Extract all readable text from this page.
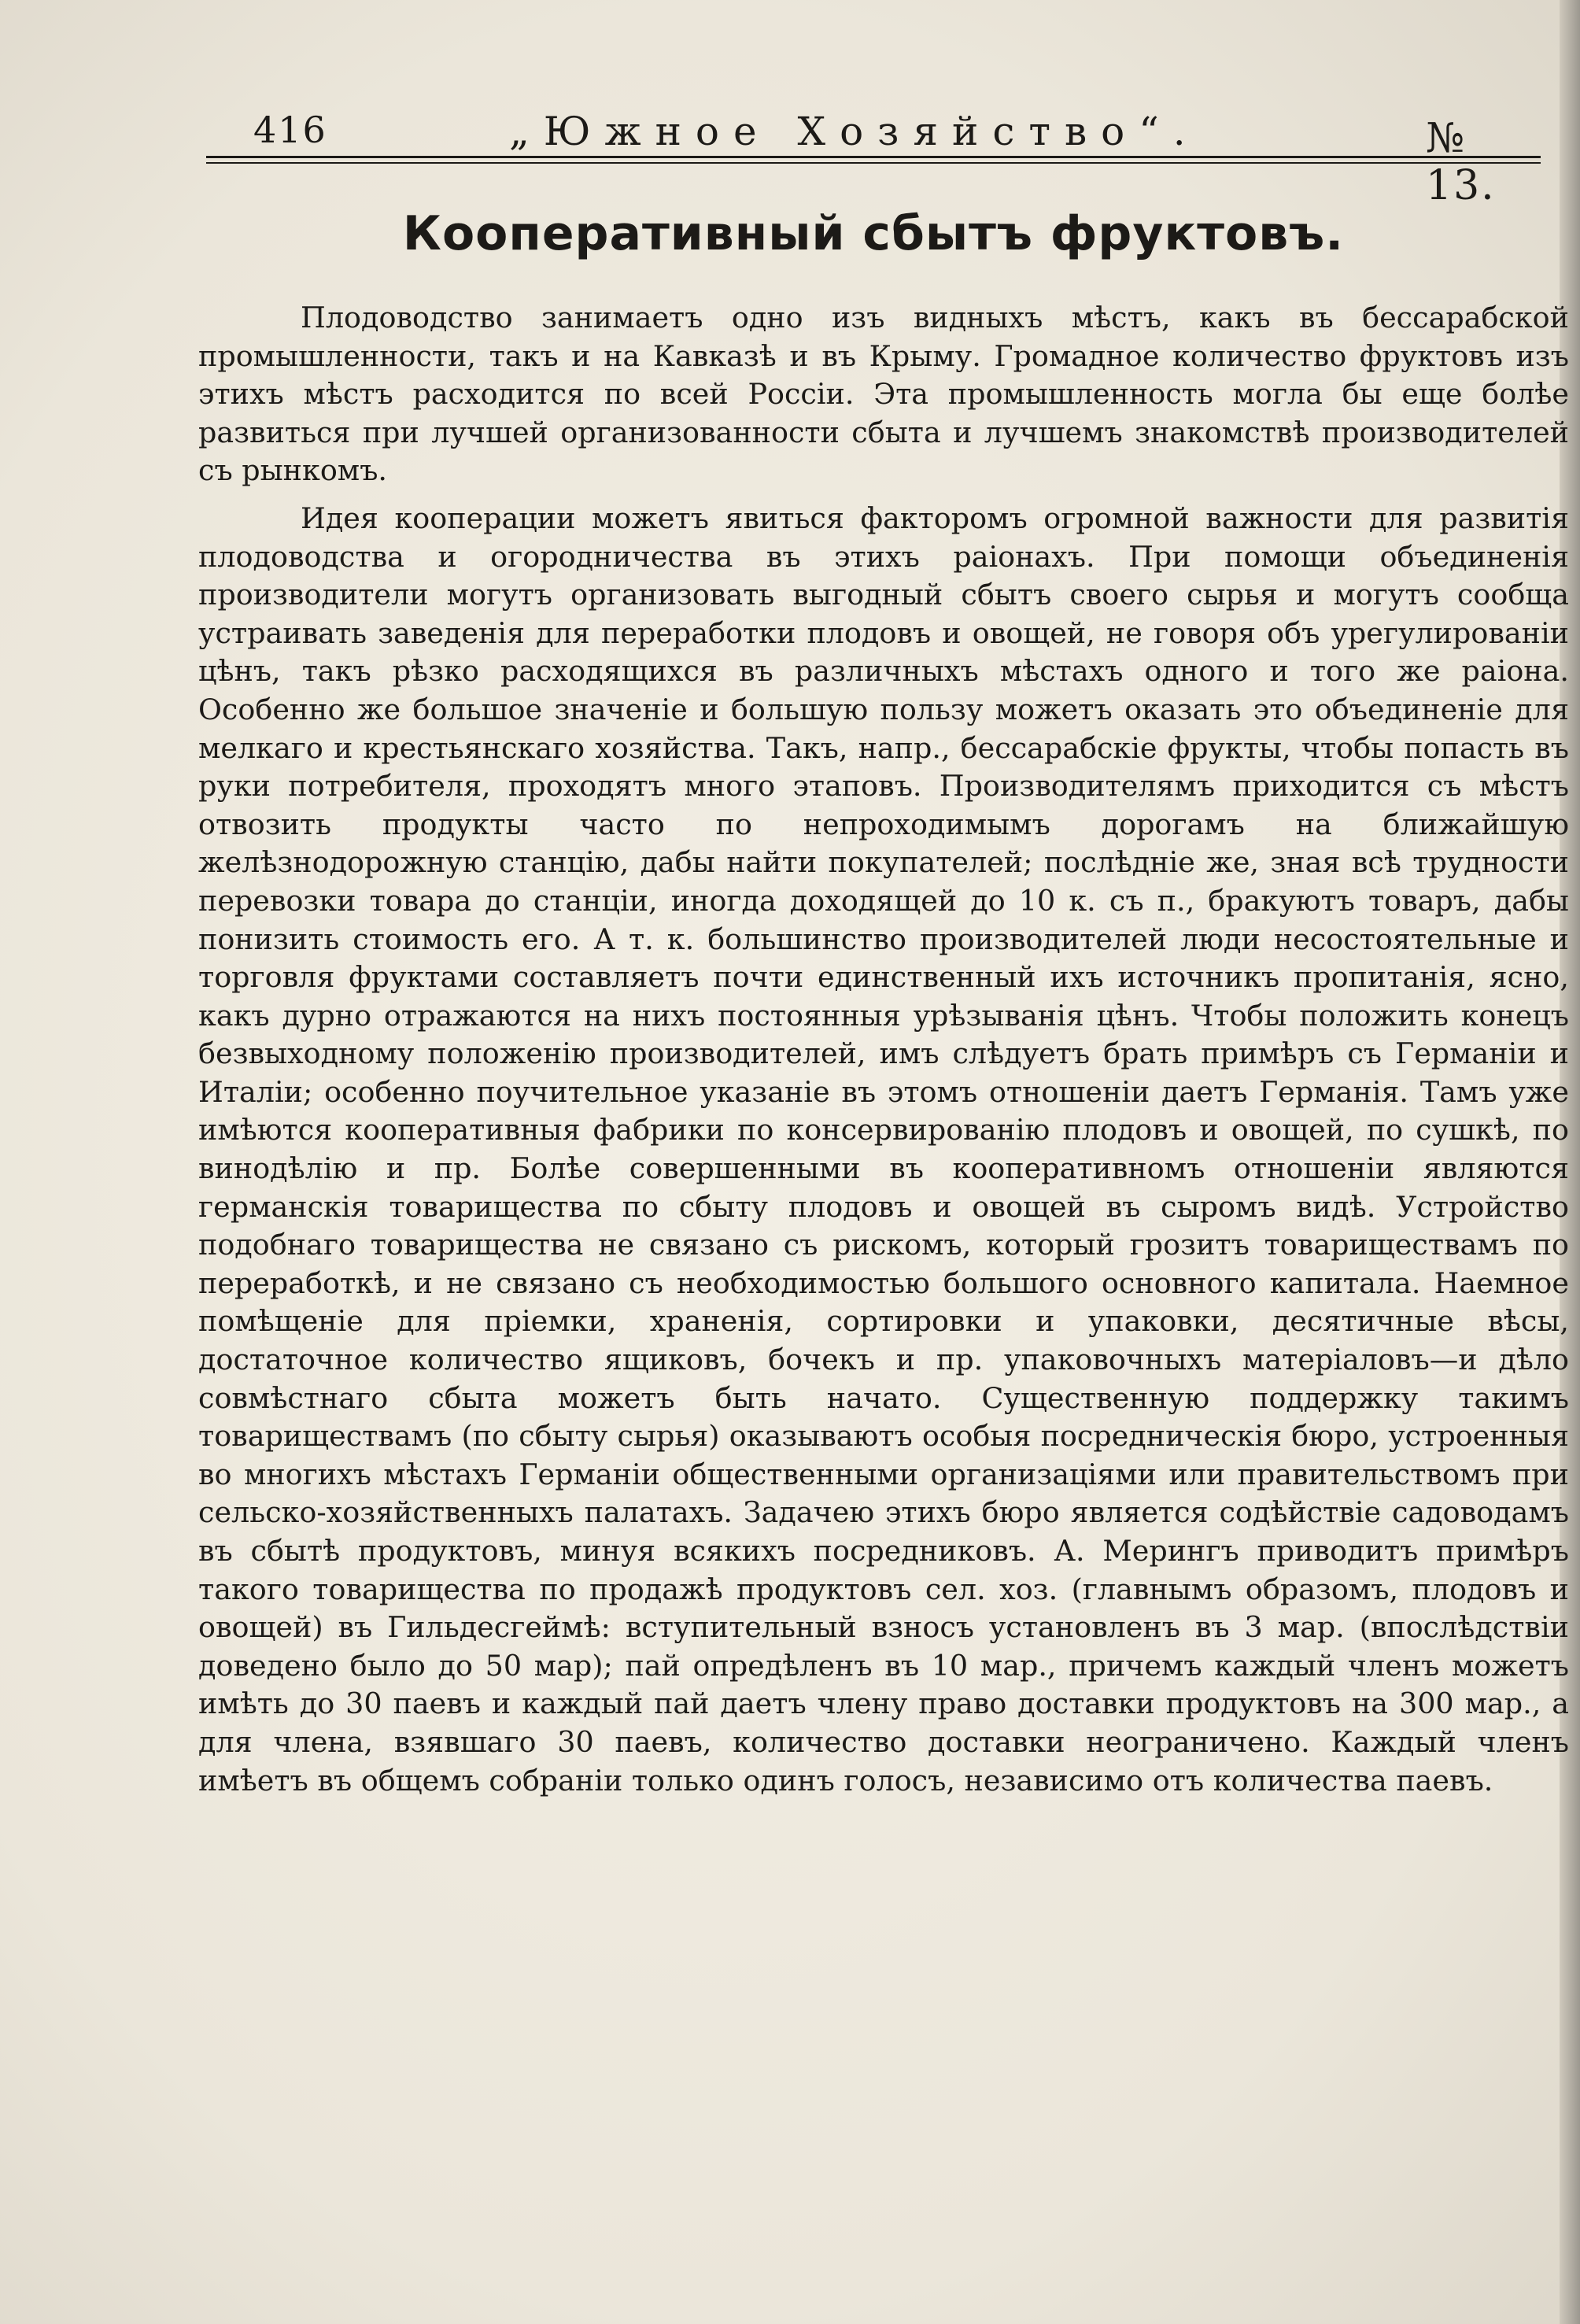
416	„Южное Хозяйство“.	№ 13.
Кооперативный сбытъ фруктовъ.

Плодоводство занимаетъ одно изъ видныхъ мѣстъ, какъ въ бессарабской промышленности, такъ и на Кавказѣ и въ Крыму. Громадное количество фруктовъ изъ этихъ мѣстъ расходится по всей Россіи. Эта промышленность могла бы еще болѣе развиться при лучшей организованности сбыта и лучшемъ знакомствѣ производителей съ рынкомъ.

Идея кооперации можетъ явиться факторомъ огромной важности для развитія плодоводства и огородничества въ этихъ раіонахъ. При помощи объединенія производители могутъ организовать выгодный сбытъ своего сырья и могутъ сообща устраивать заведенія для переработки плодовъ и овощей, не говоря объ урегулированіи цѣнъ, такъ рѣзко расходящихся въ различныхъ мѣстахъ одного и того же раіона. Особенно же большое значеніе и большую пользу можетъ оказать это объединеніе для мелкаго и крестьянскаго хозяйства. Такъ, напр., бессарабскіе фрукты, чтобы попасть въ руки потребителя, проходятъ много этаповъ. Производителямъ приходится съ мѣстъ отвозить продукты часто по непроходимымъ дорогамъ на ближайшую желѣзнодорожную станцію, дабы найти покупателей; послѣдніе же, зная всѣ трудности перевозки товара до станціи, иногда доходящей до 10 к. съ п., бракуютъ товаръ, дабы понизить стоимость его. А т. к. большинство производителей люди несостоятельные и торговля фруктами составляетъ почти единственный ихъ источникъ пропитанія, ясно, какъ дурно отражаются на нихъ постоянныя урѣзыванія цѣнъ. Чтобы положить конецъ безвыходному положенію производителей, имъ слѣдуетъ брать примѣръ съ Германіи и Италіи; особенно поучительное указаніе въ этомъ отношеніи даетъ Германія. Тамъ уже имѣются кооперативныя фабрики по консервированію плодовъ и овощей, по сушкѣ, по винодѣлію и пр. Болѣе совершенными въ кооперативномъ отношеніи являются германскія товарищества по сбыту плодовъ и овощей въ сыромъ видѣ. Устройство подобнаго товарищества не связано съ рискомъ, который грозитъ товариществамъ по переработкѣ, и не связано съ необходимостью большого основного капитала. Наемное помѣщеніе для пріемки, храненія, сортировки и упаковки, десятичные вѣсы, достаточное количество ящиковъ, бочекъ и пр. упаковочныхъ матеріаловъ—и дѣло совмѣстнаго сбыта можетъ быть начато. Существенную поддержку такимъ товариществамъ (по сбыту сырья) оказываютъ особыя посредническія бюро, устроенныя во многихъ мѣстахъ Германіи общественными организаціями или правительствомъ при сельско-хозяйственныхъ палатахъ. Задачею этихъ бюро является содѣйствіе садоводамъ въ сбытѣ продуктовъ, минуя всякихъ посредниковъ. А. Мерингъ приводитъ примѣръ такого товарищества по продажѣ продуктовъ сел. хоз. (главнымъ образомъ, плодовъ и овощей) въ Гильдесгеймѣ: вступительный взносъ установленъ въ 3 мар. (впослѣдствіи доведено было до 50 мар); пай опредѣленъ въ 10 мар., причемъ каждый членъ можетъ имѣть до 30 паевъ и каждый пай даетъ члену право доставки продуктовъ на 300 мар., а для члена, взявшаго 30 паевъ, количество доставки неограничено. Каждый членъ имѣетъ въ общемъ собраніи только одинъ голосъ, независимо отъ количества паевъ.
